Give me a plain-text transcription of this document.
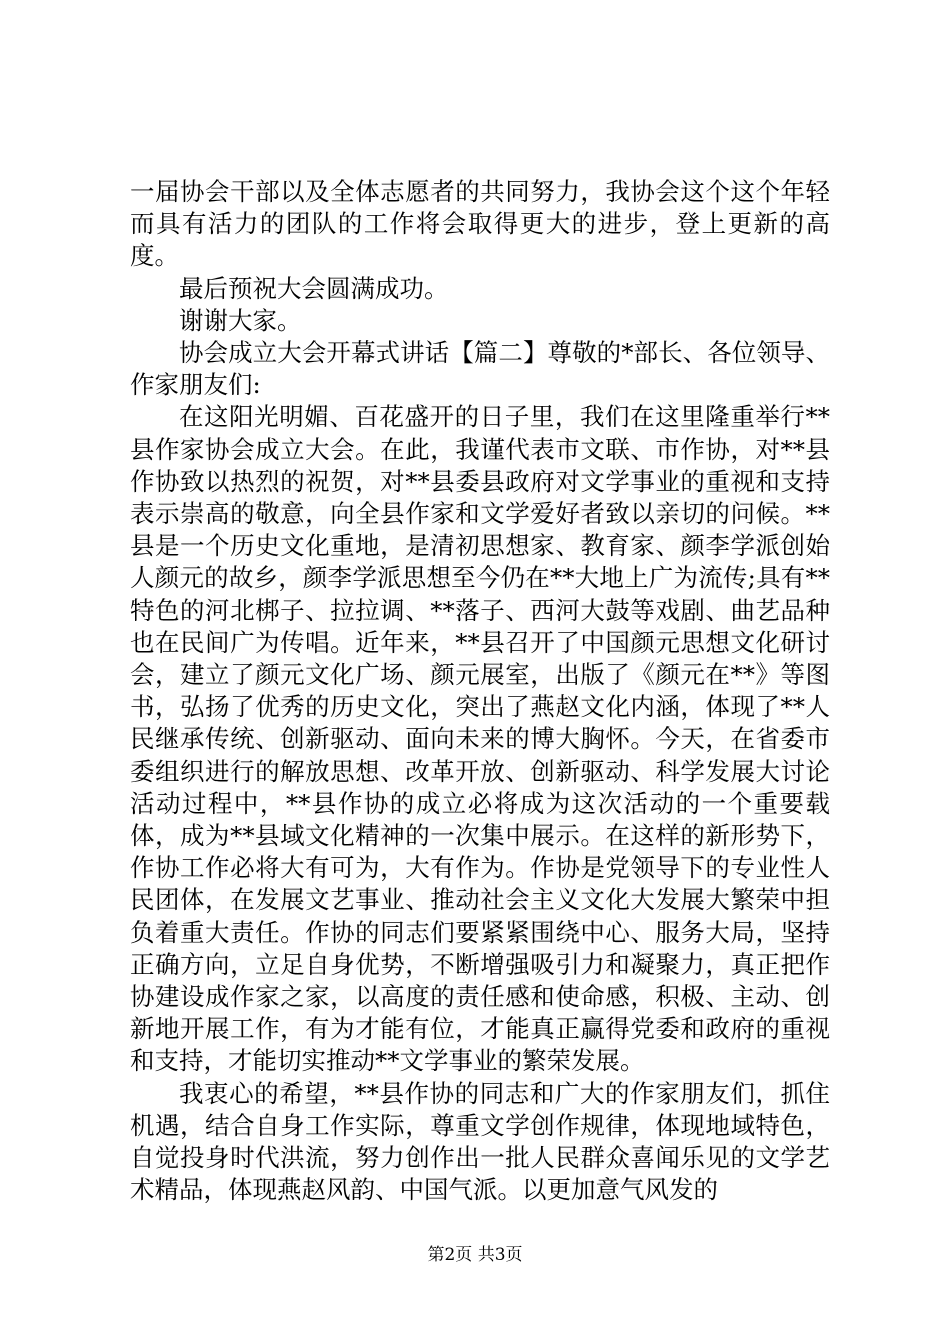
一届协会干部以及全体志愿者的共同努力，我协会这个这个年轻而具有活力的团队的工作将会取得更大的进步，登上更新的高度。

最后预祝大会圆满成功。

谢谢大家。

协会成立大会开幕式讲话【篇二】尊敬的*部长、各位领导、作家朋友们:

在这阳光明媚、百花盛开的日子里，我们在这里隆重举行**县作家协会成立大会。在此，我谨代表市文联、市作协，对**县作协致以热烈的祝贺，对**县委县政府对文学事业的重视和支持表示崇高的敬意，向全县作家和文学爱好者致以亲切的问候。**县是一个历史文化重地，是清初思想家、教育家、颜李学派创始人颜元的故乡，颜李学派思想至今仍在**大地上广为流传;具有**特色的河北梆子、拉拉调、**落子、西河大鼓等戏剧、曲艺品种也在民间广为传唱。近年来，**县召开了中国颜元思想文化研讨会，建立了颜元文化广场、颜元展室，出版了《颜元在**》等图书，弘扬了优秀的历史文化，突出了燕赵文化内涵，体现了**人民继承传统、创新驱动、面向未来的博大胸怀。今天，在省委市委组织进行的解放思想、改革开放、创新驱动、科学发展大讨论活动过程中，**县作协的成立必将成为这次活动的一个重要载体，成为**县域文化精神的一次集中展示。在这样的新形势下，作协工作必将大有可为，大有作为。作协是党领导下的专业性人民团体，在发展文艺事业、推动社会主义文化大发展大繁荣中担负着重大责任。作协的同志们要紧紧围绕中心、服务大局，坚持正确方向，立足自身优势，不断增强吸引力和凝聚力，真正把作协建设成作家之家，以高度的责任感和使命感，积极、主动、创新地开展工作，有为才能有位，才能真正赢得党委和政府的重视和支持，才能切实推动**文学事业的繁荣发展。

我衷心的希望，**县作协的同志和广大的作家朋友们，抓住机遇，结合自身工作实际，尊重文学创作规律，体现地域特色，自觉投身时代洪流，努力创作出一批人民群众喜闻乐见的文学艺术精品，体现燕赵风韵、中国气派。以更加意气风发的

第2页 共3页
